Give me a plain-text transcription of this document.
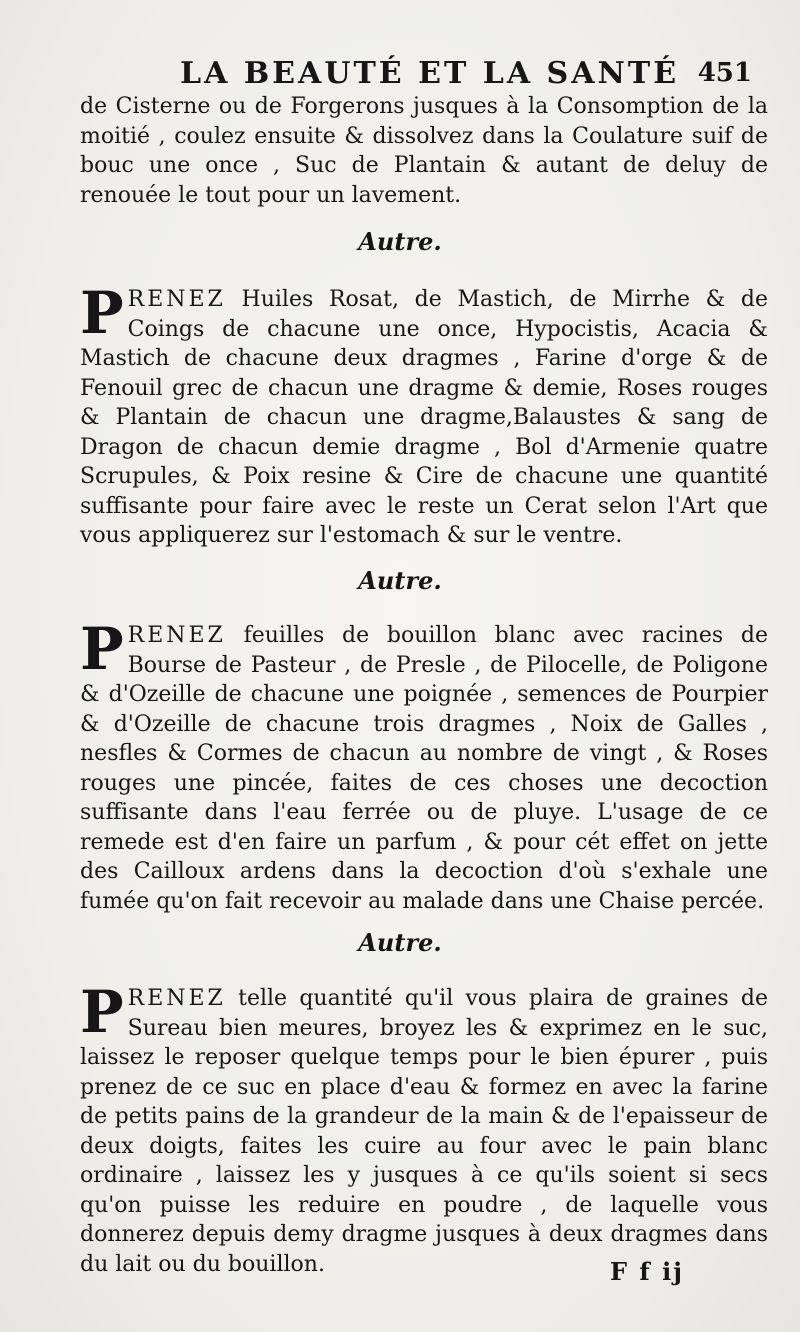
LA BEAUTÉ ET LA SANTÉ 451

de Cisterne ou de Forgerons jusques à la Consomption de la moitié , coulez ensuite & dissolvez dans la Coulature suif de bouc une once , Suc de Plantain & autant de deluy de renouée le tout pour un lavement.

Autre.

PRENEZ Huiles Rosat, de Mastich, de Mirrhe & de Coings de chacune une once, Hypocistis, Acacia & Mastich de chacune deux dragmes , Farine d'orge & de Fenouil grec de chacun une dragme & demie, Roses rouges & Plantain de chacun une dragme,Balaustes & sang de Dragon de chacun demie dragme , Bol d'Armenie quatre Scrupules, & Poix resine & Cire de chacune une quantité suffisante pour faire avec le reste un Cerat selon l'Art que vous appliquerez sur l'estomach & sur le ventre.

Autre.

PRENEZ feuilles de bouillon blanc avec racines de Bourse de Pasteur , de Presle , de Pilocelle, de Poligone & d'Ozeille de chacune une poignée , semences de Pourpier & d'Ozeille de chacune trois dragmes , Noix de Galles , nesfles & Cormes de chacun au nombre de vingt , & Roses rouges une pincée, faites de ces choses une decoction suffisante dans l'eau ferrée ou de pluye. L'usage de ce remede est d'en faire un parfum , & pour cét effet on jette des Cailloux ardens dans la decoction d'où s'exhale une fumée qu'on fait recevoir au malade dans une Chaise percée.

Autre.

PRENEZ telle quantité qu'il vous plaira de graines de Sureau bien meures, broyez les & exprimez en le suc, laissez le reposer quelque temps pour le bien épurer , puis prenez de ce suc en place d'eau & formez en avec la farine de petits pains de la grandeur de la main & de l'epaisseur de deux doigts, faites les cuire au four avec le pain blanc ordinaire , laissez les y jusques à ce qu'ils soient si secs qu'on puisse les reduire en poudre , de laquelle vous donnerez depuis demy dragme jusques à deux dragmes dans du lait ou du bouillon.	F f ij
